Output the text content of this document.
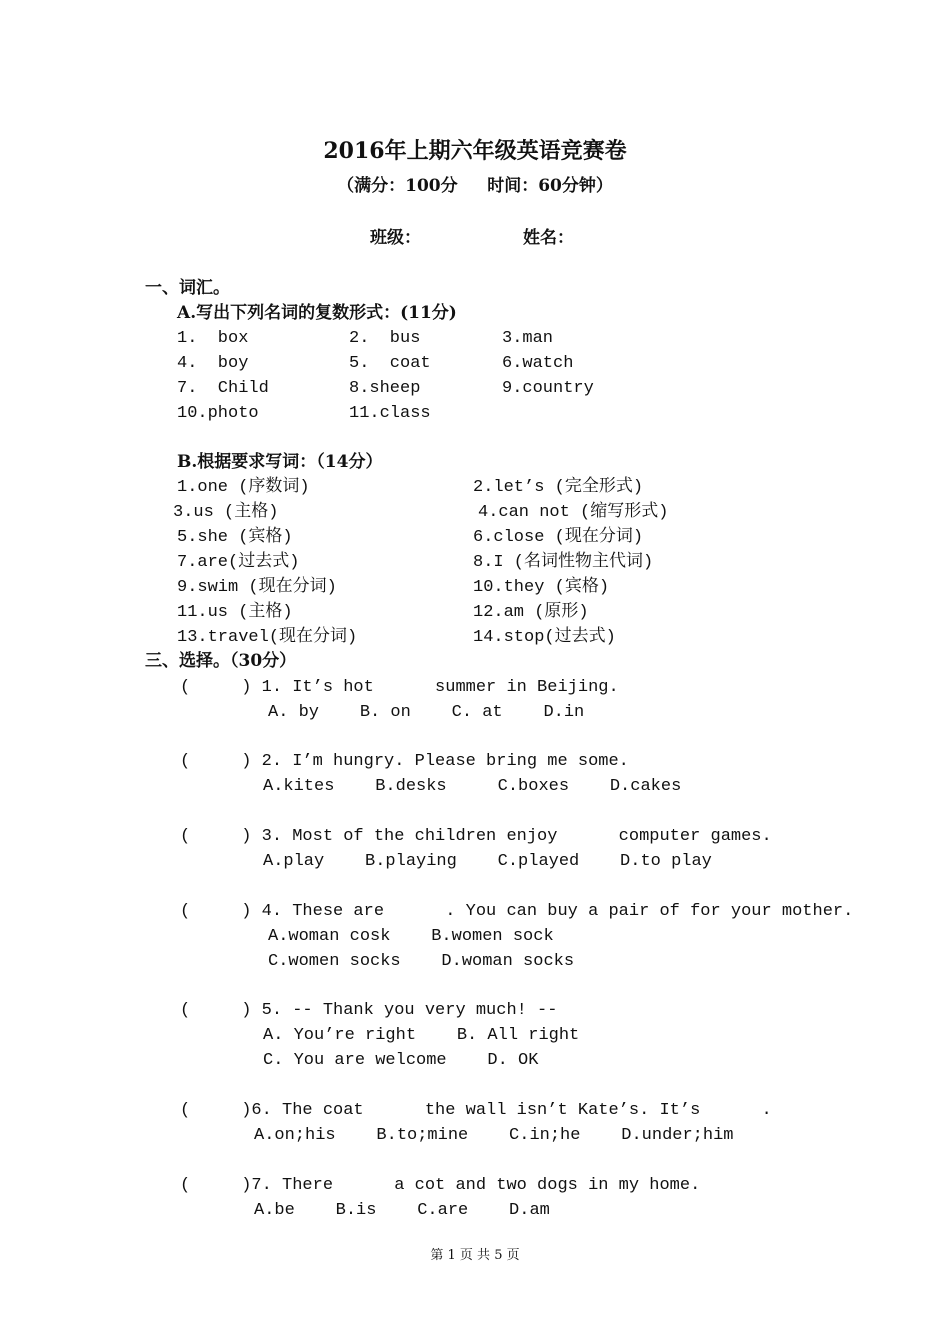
2016年上期六年级英语竞赛卷
（满分：100分     时间：60分钟）
班级：	姓名：
一、词汇。
A.写出下列名词的复数形式：(11分)
1.  box	2.  bus	3.man
4.  boy	5.  coat	6.watch
7.  Child	8.sheep	9.country
10.photo	11.class
B.根据要求写词：（14分）
1.one (序数词)	2.let’s (完全形式)
3.us (主格)	4.can not (缩写形式)
5.she (宾格)	6.close (现在分词)
7.are(过去式)	8.I (名词性物主代词)
9.swim (现在分词)	10.they (宾格)
11.us (主格)	12.am (原形)
13.travel(现在分词)	14.stop(过去式)
三、选择。（30分）
(     ) 1. It’s hot      summer in Beijing.
A. by    B. on    C. at    D.in
(     ) 2. I’m hungry. Please bring me some.
A.kites    B.desks     C.boxes    D.cakes
(     ) 3. Most of the children enjoy      computer games.
A.play    B.playing    C.played    D.to play
(     ) 4. These are      . You can buy a pair of for your mother.
A.woman cosk    B.women sock
C.women socks    D.woman socks
(     ) 5. -- Thank you very much! --
A. You’re right    B. All right
C. You are welcome    D. OK
(     )6. The coat      the wall isn’t Kate’s. It’s      .
A.on;his    B.to;mine    C.in;he    D.under;him
(     )7. There      a cot and two dogs in my home.
A.be    B.is    C.are    D.am
第 1 页 共 5 页
